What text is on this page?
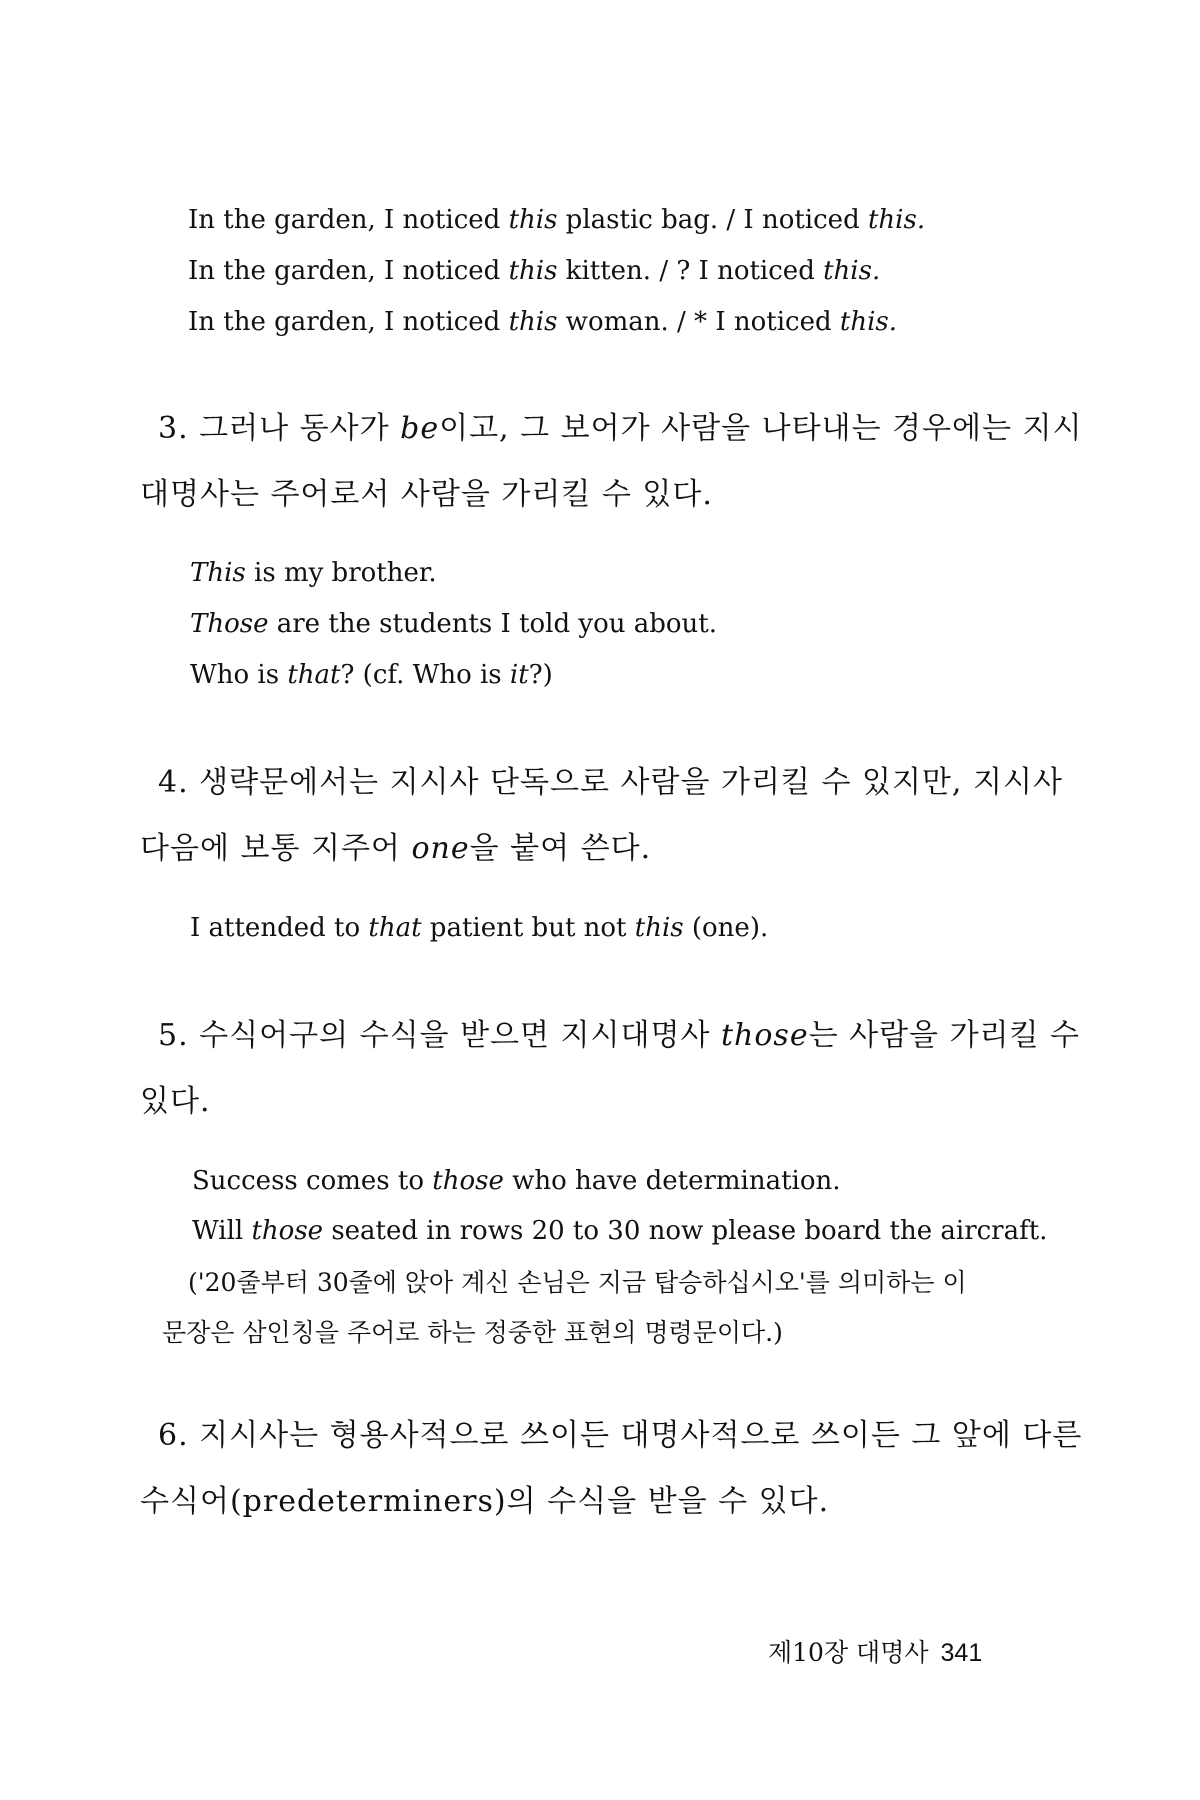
In the garden, I noticed this plastic bag. / I noticed this.
In the garden, I noticed this kitten. / ? I noticed this.
In the garden, I noticed this woman. / * I noticed this.
3. 그러나 동사가 be이고, 그 보어가 사람을 나타내는 경우에는 지시
대명사는 주어로서 사람을 가리킬 수 있다.
This is my brother.
Those are the students I told you about.
Who is that? (cf. Who is it?)
4. 생략문에서는 지시사 단독으로 사람을 가리킬 수 있지만, 지시사
다음에 보통 지주어 one을 붙여 쓴다.
I attended to that patient but not this (one).
5. 수식어구의 수식을 받으면 지시대명사 those는 사람을 가리킬 수
있다.
Success comes to those who have determination.
Will those seated in rows 20 to 30 now please board the aircraft.
('20줄부터 30줄에 앉아 계신 손님은 지금 탑승하십시오'를 의미하는 이
문장은 삼인칭을 주어로 하는 정중한 표현의 명령문이다.)
6. 지시사는 형용사적으로 쓰이든 대명사적으로 쓰이든 그 앞에 다른
수식어(predeterminers)의 수식을 받을 수 있다.
제10장 대명사 341
